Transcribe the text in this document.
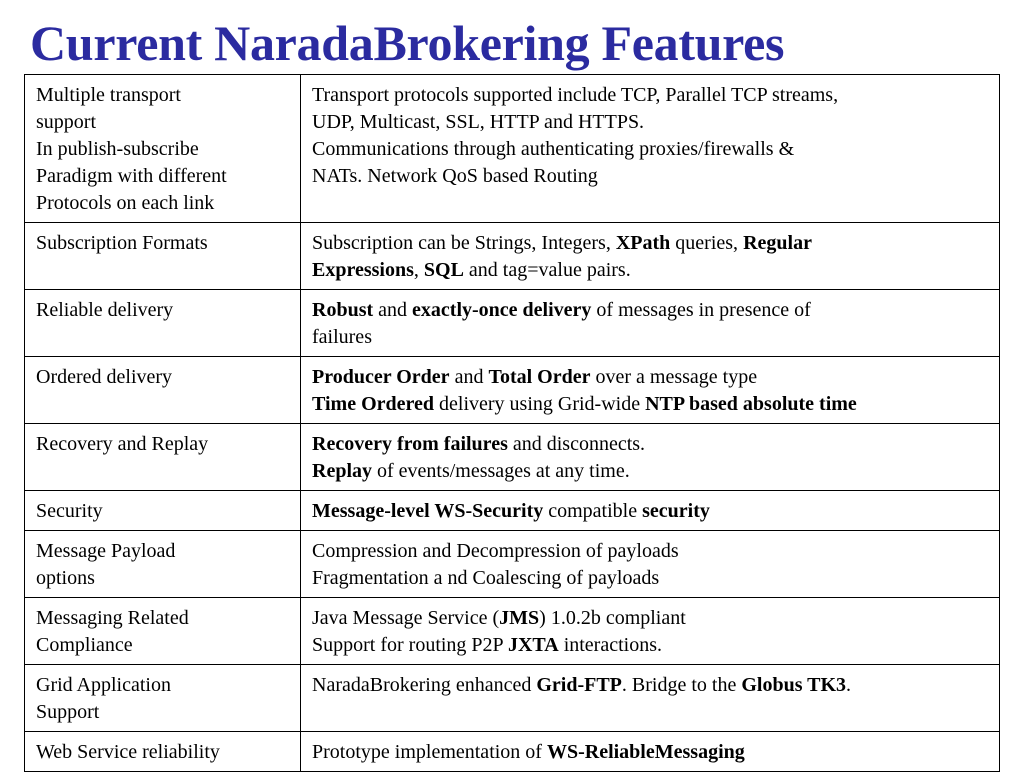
Current NaradaBrokering Features
Multiple transport
support
In publish-subscribe
Paradigm with different
Protocols on each link	Transport protocols supported include TCP, Parallel TCP streams,
UDP, Multicast, SSL, HTTP and HTTPS.
Communications through authenticating proxies/firewalls &
NATs. Network QoS based Routing

Subscription Formats	Subscription can be Strings, Integers, XPath queries, Regular
Expressions, SQL and tag=value pairs.

Reliable delivery	Robust and exactly-once delivery of messages in presence of
failures

Ordered delivery	Producer Order and Total Order over a message type
Time Ordered delivery using Grid-wide NTP based absolute time

Recovery and Replay	Recovery from failures and disconnects.
Replay of events/messages at any time.

Security	Message-level WS-Security compatible security

Message Payload
options	Compression and Decompression of payloads
Fragmentation a nd Coalescing of payloads

Messaging Related
Compliance	Java Message Service (JMS) 1.0.2b compliant
Support for routing P2P JXTA interactions.

Grid Application
Support	NaradaBrokering enhanced Grid-FTP. Bridge to the Globus TK3.

Web Service reliability	Prototype implementation of WS-ReliableMessaging
